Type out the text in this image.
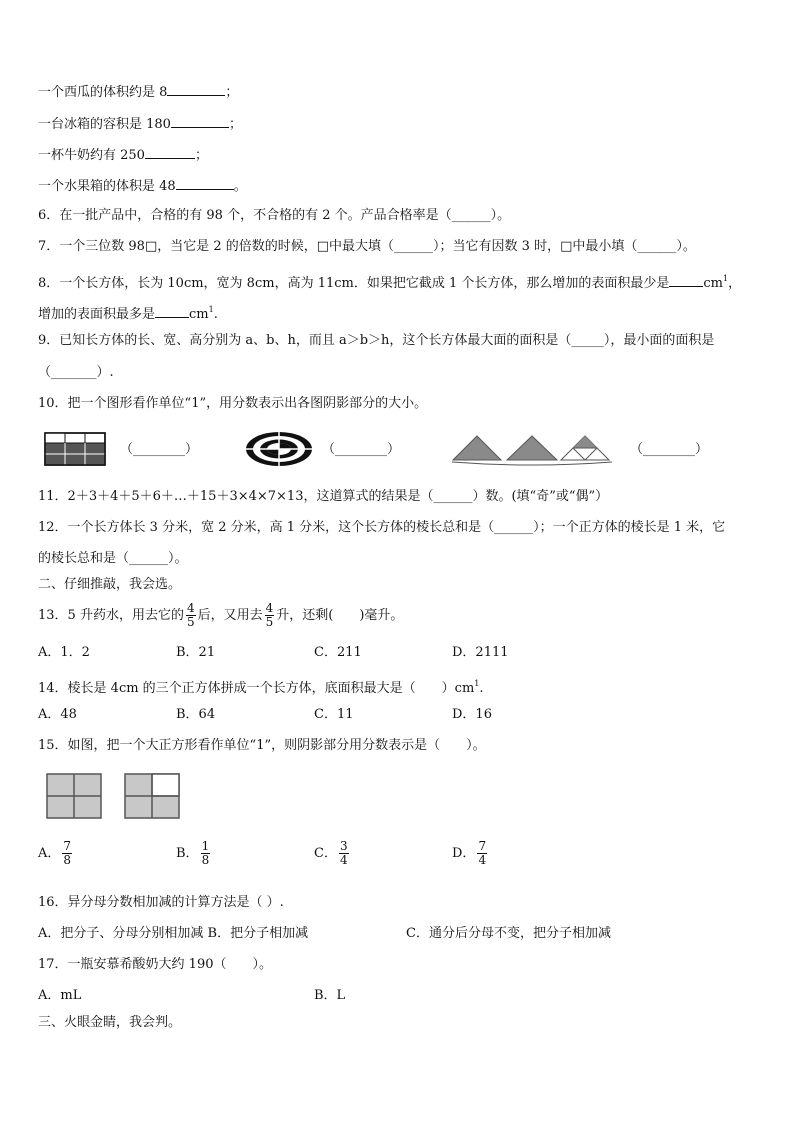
一个西瓜的体积约是 8	；
一台冰箱的容积是 180	；
一杯牛奶约有 250	；
一个水果箱的体积是 48	。
6．在一批产品中，合格的有 98 个，不合格的有 2 个。产品合格率是（______）。
7．一个三位数 98□，当它是 2 的倍数的时候，□中最大填（______）；当它有因数 3 时，□中最小填（______）。
8．一个长方体，长为 10cm，宽为 8cm，高为 11cm．如果把它截成 1 个长方体，那么增加的表面积最少是	$cm^1$，
增加的表面积最多是	$cm^1$.
9．已知长方体的长、宽、高分别为 a、b、h，而且 a＞b＞h，这个长方体最大面的面积是（_____），最小面的面积是
（_______）.
10．把一个图形看作单位“1”，用分数表示出各图阴影部分的大小。
（________）	（________）	（________）
11．2＋3＋4＋5＋6＋…＋15＋3×4×7×13，这道算式的结果是（______）数。(填“奇”或“偶”）
12．一个长方体长 3 分米，宽 2 分米，高 1 分米，这个长方体的棱长总和是（______）；一个正方体的棱长是 1 米，它
的棱长总和是（______）。
二、仔细推敲，我会选。
13．5 升药水，用去它的 $\frac{4}{5}$ 后，又用去 $\frac{4}{5}$ 升，还剩(　　)毫升。
A．1．2	B．21	C．211	D．2111
14．棱长是 4cm 的三个正方体拼成一个长方体，底面积最大是（　　）$cm^1$.
A．48	B．64	C．11	D．16
15．如图，把一个大正方形看作单位“1”，则阴影部分用分数表示是（　　）。
A． $\frac{7}{8}$	B． $\frac{1}{8}$	C． $\frac{3}{4}$	D． $\frac{7}{4}$
16．异分母分数相加减的计算方法是（ ）.
A．把分子、分母分别相加减 B．把分子相加减	C．通分后分母不变，把分子相加减
17．一瓶安慕希酸奶大约 190（　　）。
A．mL	B．L
三、火眼金睛，我会判。
